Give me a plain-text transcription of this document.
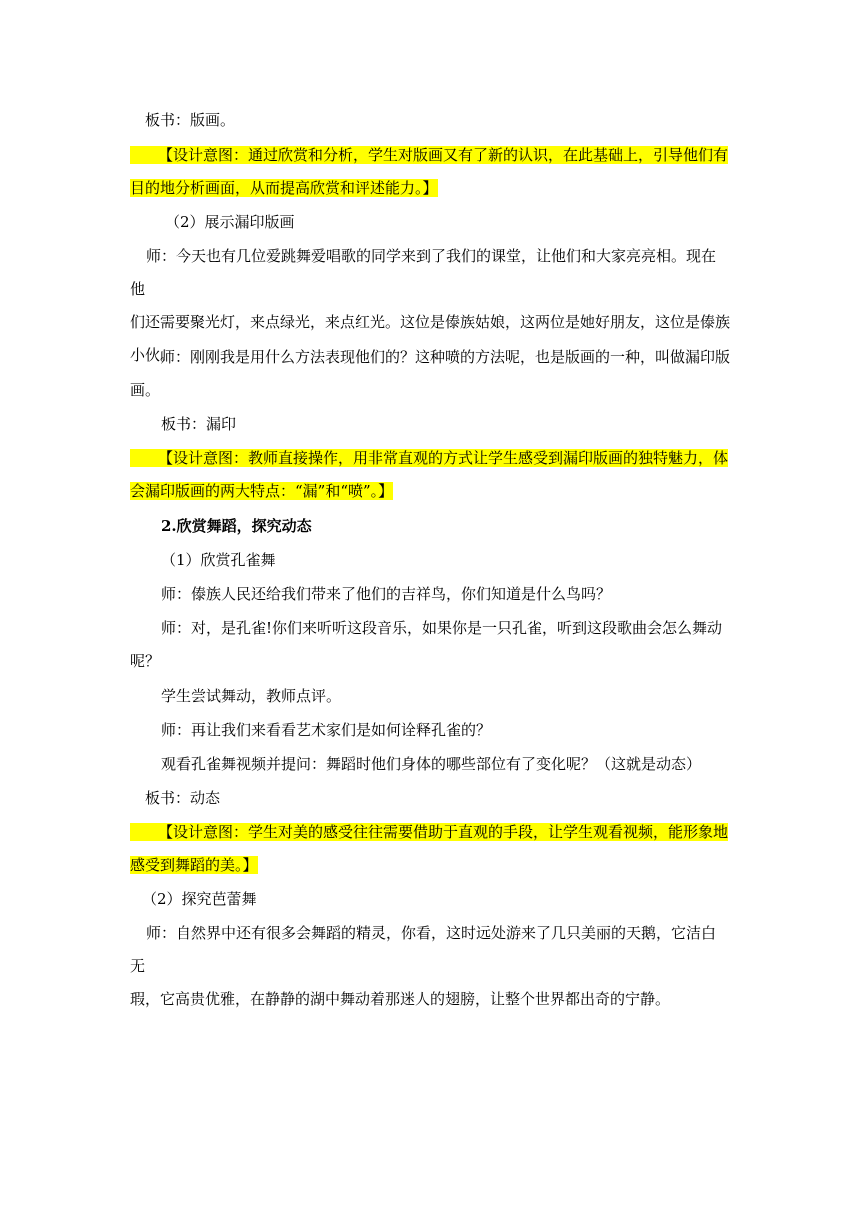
板书：版画。

【设计意图：通过欣赏和分析，学生对版画又有了新的认识，在此基础上，引导他们有
目的地分析画面，从而提高欣赏和评述能力。】

（2）展示漏印版画

师：今天也有几位爱跳舞爱唱歌的同学来到了我们的课堂，让他们和大家亮亮相。现在他
们还需要聚光灯，来点绿光，来点红光。这位是傣族姑娘，这两位是她好朋友，这位是傣族
小伙。

师：刚刚我是用什么方法表现他们的？这种喷的方法呢，也是版画的一种，叫做漏印版
画。

板书：漏印

【设计意图：教师直接操作，用非常直观的方式让学生感受到漏印版画的独特魅力，体
会漏印版画的两大特点：“漏”和“喷”。】

2.欣赏舞蹈，探究动态

（1）欣赏孔雀舞

师：傣族人民还给我们带来了他们的吉祥鸟，你们知道是什么鸟吗？

师：对，是孔雀!你们来听听这段音乐，如果你是一只孔雀，听到这段歌曲会怎么舞动
呢？

学生尝试舞动，教师点评。

师：再让我们来看看艺术家们是如何诠释孔雀的？

观看孔雀舞视频并提问：舞蹈时他们身体的哪些部位有了变化呢？（这就是动态）

板书：动态

【设计意图：学生对美的感受往往需要借助于直观的手段，让学生观看视频，能形象地
感受到舞蹈的美。】

（2）探究芭蕾舞

师：自然界中还有很多会舞蹈的精灵，你看，这时远处游来了几只美丽的天鹅，它洁白无
瑕，它高贵优雅，在静静的湖中舞动着那迷人的翅膀，让整个世界都出奇的宁静。
